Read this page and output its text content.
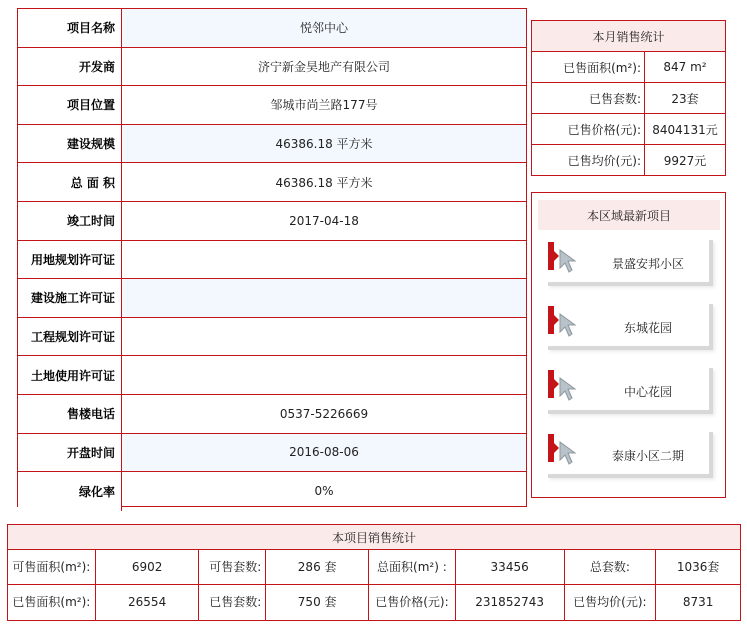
项目名称	悦邻中心
开发商	济宁新金昊地产有限公司
项目位置	邹城市尚兰路177号
建设规模	46386.18 平方米
总 面 积	46386.18 平方米
竣工时间	2017-04-18
用地规划许可证
建设施工许可证
工程规划许可证
土地使用许可证
售楼电话	0537-5226669
开盘时间	2016-08-06
绿化率	0%
本月销售统计
已售面积(m²):	847 m²
已售套数:	23套
已售价格(元): 8404131元
已售均价(元):	9927元
本区域最新项目
景盛安邦小区
东城花园
中心花园
泰康小区二期
本项目销售统计
可售面积(m²):	6902	可售套数:	286 套	总面积(m²) :	33456	总套数:	1036套
已售面积(m²):	26554	已售套数:	750 套	已售价格(元):	231852743	已售均价(元):	8731
